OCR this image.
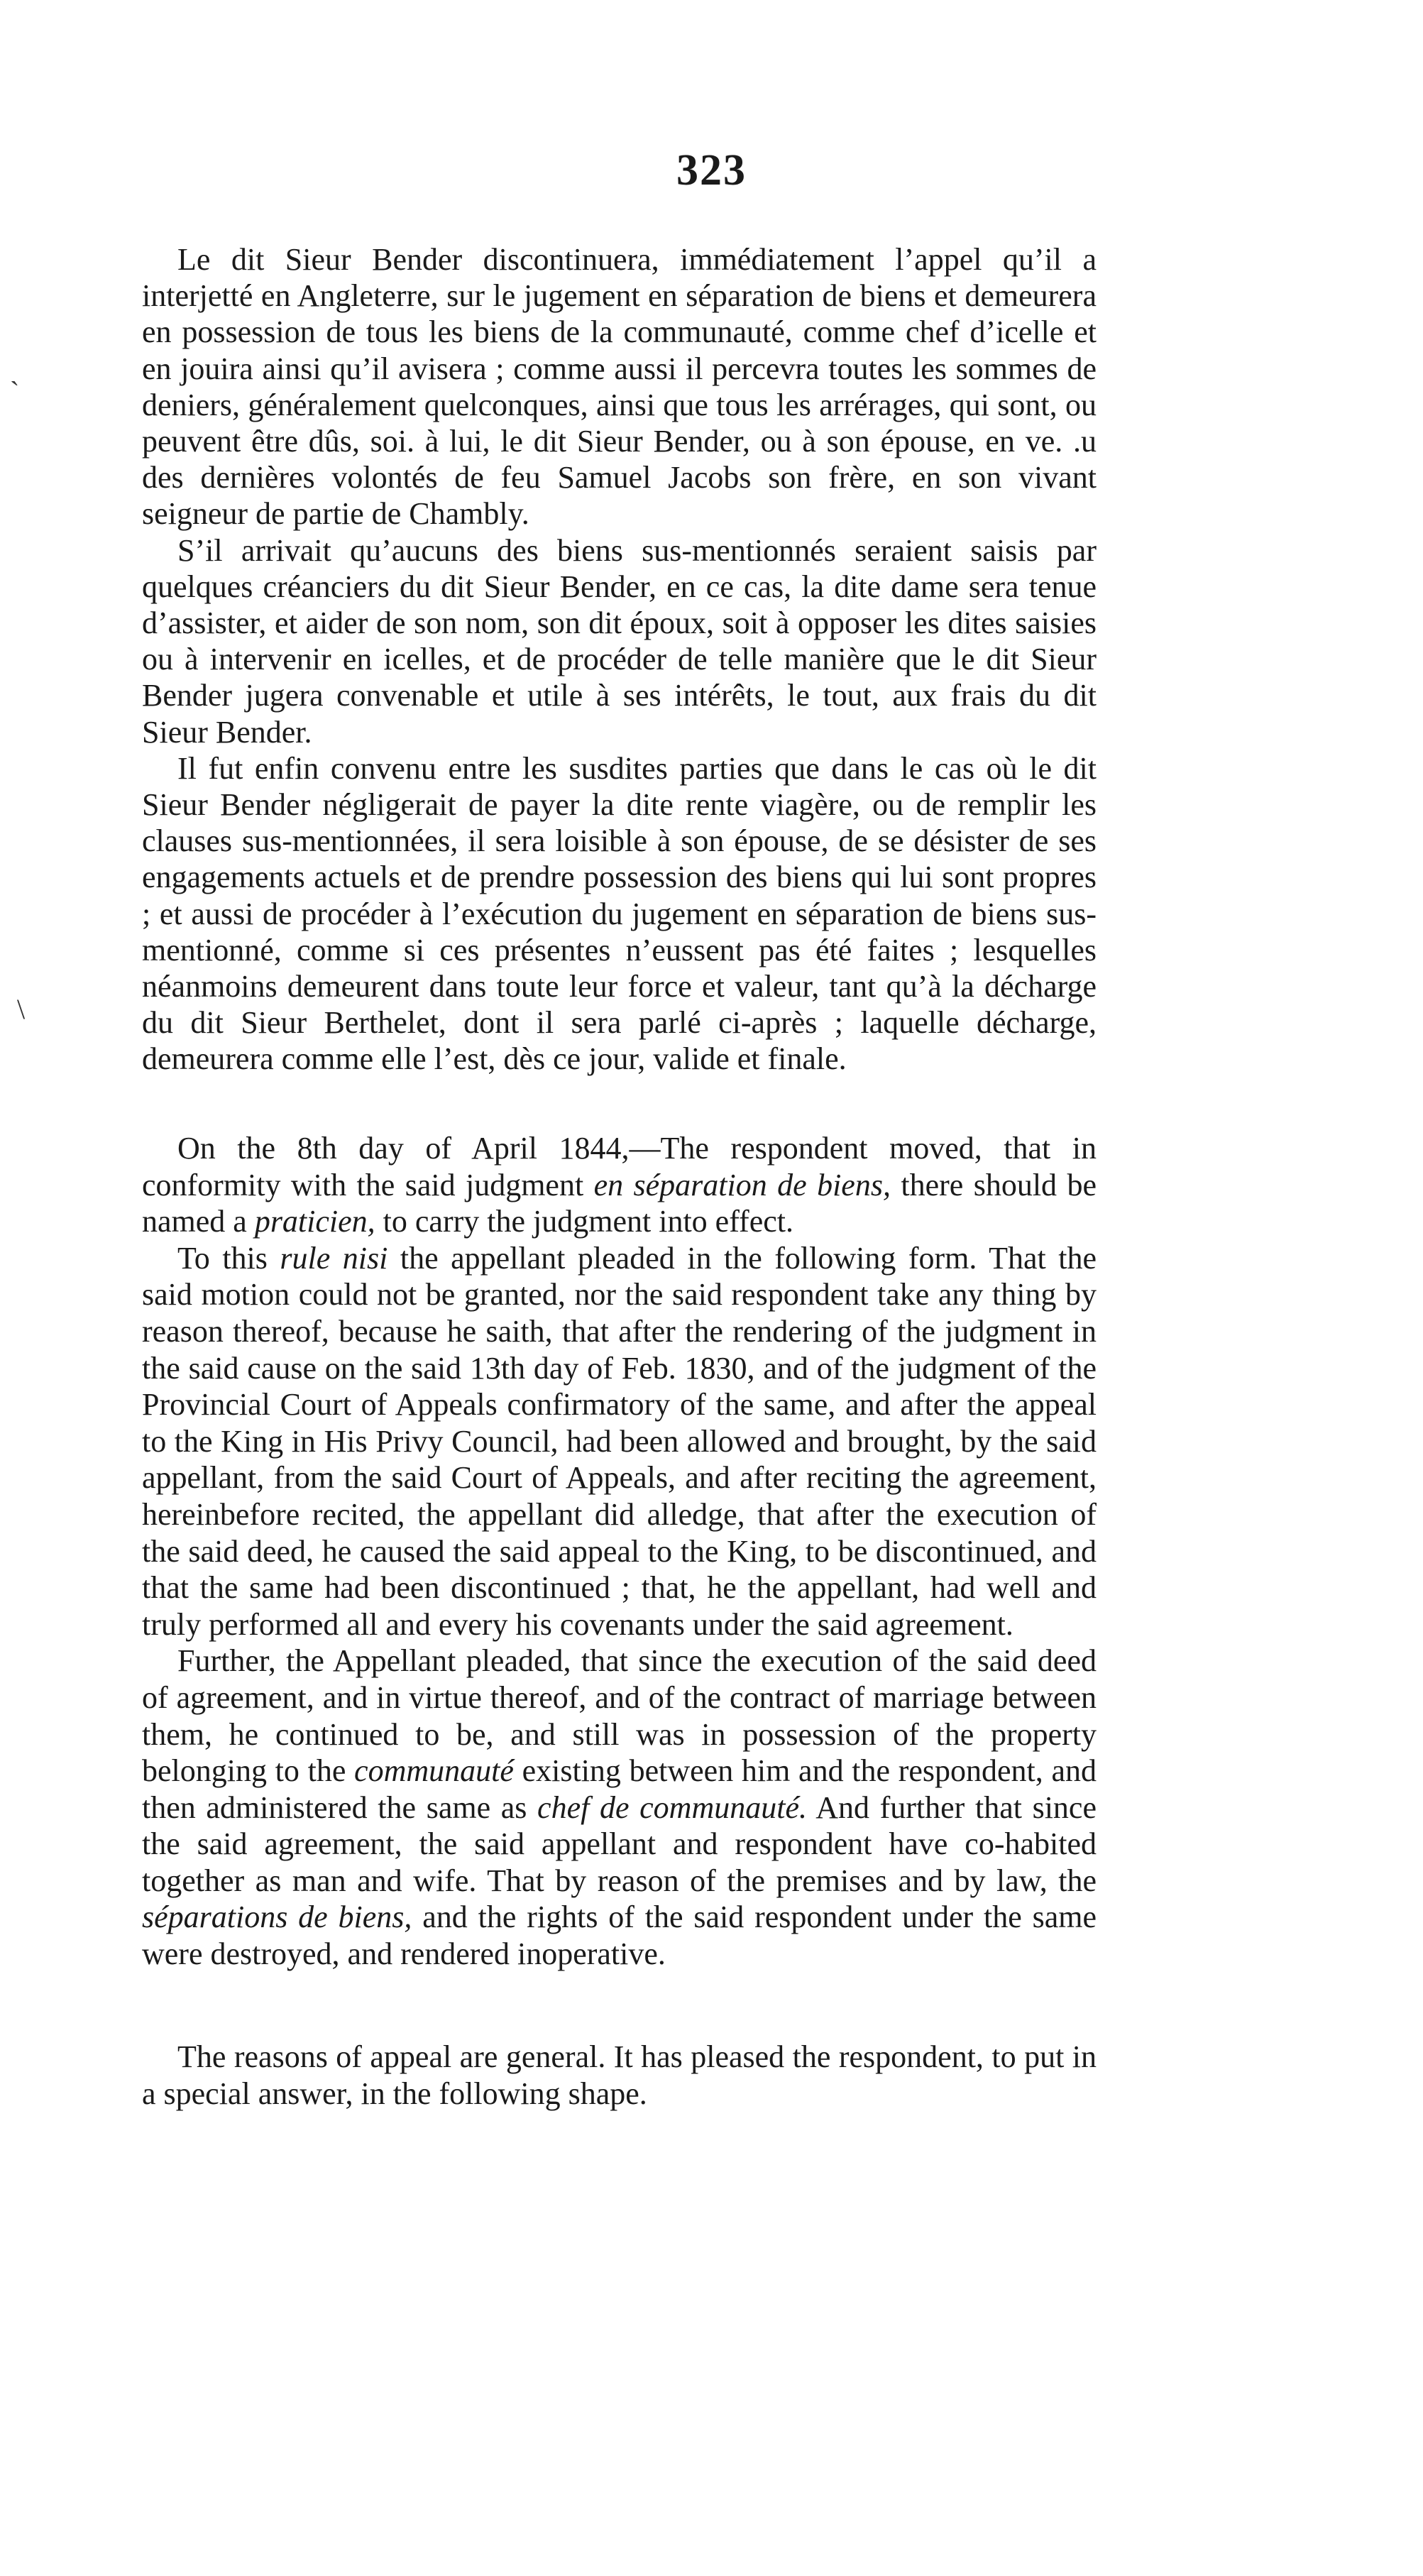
323
`
\

Le dit Sieur Bender discontinuera, immédiatement l’appel qu’il a interjetté en Angleterre, sur le jugement en séparation de biens et demeurera en possession de tous les biens de la communauté, comme chef d’icelle et en jouira ainsi qu’il avisera ; comme aussi il percevra toutes les sommes de deniers, généralement quelconques, ainsi que tous les arrérages, qui sont, ou peuvent être dûs, soi. à lui, le dit Sieur Bender, ou à son épouse, en ve. .u des dernières volontés de feu Samuel Jacobs son frère, en son vivant seigneur de partie de Chambly.

S’il arrivait qu’aucuns des biens sus-mentionnés seraient saisis par quelques créanciers du dit Sieur Bender, en ce cas, la dite dame sera tenue d’assister, et aider de son nom, son dit époux, soit à opposer les dites saisies ou à intervenir en icelles, et de procéder de telle manière que le dit Sieur Bender jugera convenable et utile à ses intérêts, le tout, aux frais du dit Sieur Bender.

Il fut enfin convenu entre les susdites parties que dans le cas où le dit Sieur Bender négligerait de payer la dite rente viagère, ou de remplir les clauses sus-mentionnées, il sera loisible à son épouse, de se désister de ses engagements actuels et de prendre possession des biens qui lui sont propres ; et aussi de procéder à l’exécution du jugement en séparation de biens sus-mentionné, comme si ces présentes n’eussent pas été faites ; lesquelles néanmoins demeurent dans toute leur force et valeur, tant qu’à la décharge du dit Sieur Berthelet, dont il sera parlé ci-après ; laquelle décharge, demeurera comme elle l’est, dès ce jour, valide et finale.

On the 8th day of April 1844,—The respondent moved, that in conformity with the said judgment en séparation de biens, there should be named a praticien, to carry the judgment into effect.

To this rule nisi the appellant pleaded in the following form. That the said motion could not be granted, nor the said respondent take any thing by reason thereof, because he saith, that after the rendering of the judgment in the said cause on the said 13th day of Feb. 1830, and of the judgment of the Provincial Court of Appeals confirmatory of the same, and after the appeal to the King in His Privy Council, had been allowed and brought, by the said appellant, from the said Court of Appeals, and after reciting the agreement, hereinbefore recited, the appellant did alledge, that after the execution of the said deed, he caused the said appeal to the King, to be discontinued, and that the same had been discontinued ; that, he the appellant, had well and truly performed all and every his covenants under the said agreement.

Further, the Appellant pleaded, that since the execution of the said deed of agreement, and in virtue thereof, and of the contract of marriage between them, he continued to be, and still was in possession of the property belonging to the communauté existing between him and the respondent, and then administered the same as chef de communauté. And further that since the said agreement, the said appellant and respondent have co-habited together as man and wife. That by reason of the premises and by law, the séparations de biens, and the rights of the said respondent under the same were destroyed, and rendered inoperative.

The reasons of appeal are general. It has pleased the respondent, to put in a special answer, in the following shape.
